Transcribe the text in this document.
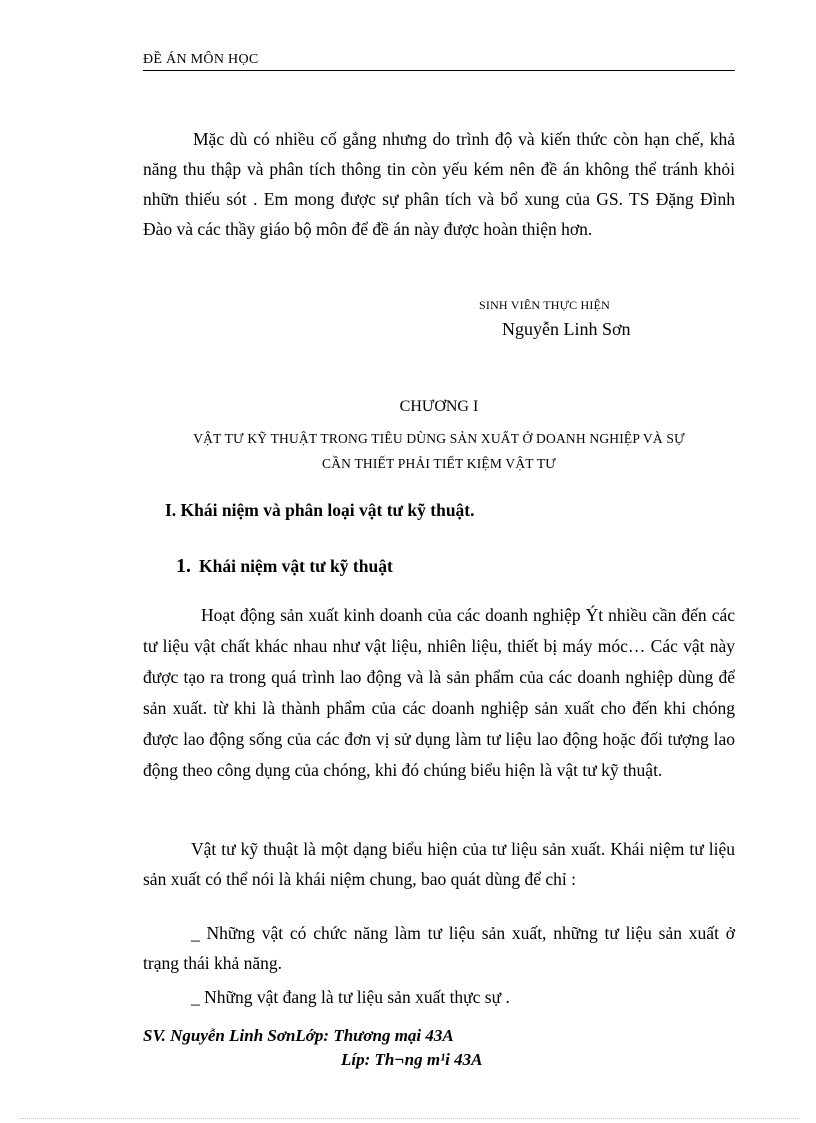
ĐỀ ÁN MÔN HỌC

Mặc dù có nhiều cố gắng nhưng do trình độ và kiến thức còn hạn chế, khả năng thu thập và phân tích thông tin còn yếu kém nên đề án không thể tránh khỏi nhữn thiếu sót . Em mong được sự phân tích và bổ xung của GS. TS Đặng Đình Đào và các thầy giáo bộ môn để đề án này được hoàn thiện hơn.

SINH VIÊN THỰC HIỆN
Nguyễn Linh Sơn
CHƯƠNG I
VẬT TƯ KỸ THUẬT TRONG TIÊU DÙNG SẢN XUẤT Ở DOANH NGHIỆP VÀ SỰ
CẦN THIẾT PHẢI TIẾT KIỆM VẬT TƯ
I. Khái niệm và phân loại vật tư kỹ thuật.
1. Khái niệm vật tư kỹ thuật

Hoạt động sản xuất kinh doanh của các doanh nghiệp Ýt nhiều cần đến các tư liệu vật chất khác nhau như vật liệu, nhiên liệu, thiết bị máy móc… Các vật này được tạo ra trong quá trình lao động và là sản phẩm của các doanh nghiệp dùng để sản xuất. từ khi là thành phẩm của các doanh nghiệp sản xuất cho đến khi chóng được lao động sống của các đơn vị sử dụng làm tư liệu lao động hoặc đối tượng lao động theo công dụng của chóng, khi đó chúng biểu hiện là vật tư kỹ thuật.

Vật tư kỹ thuật là một dạng biểu hiện của tư liệu sản xuất. Khái niệm tư liệu sản xuất có thể nói là khái niệm chung, bao quát dùng để chỉ :

_ Những vật có chức năng làm tư liệu sản xuất, những tư liệu sản xuất ở trạng thái khả năng.

_ Những vật đang là tư liệu sản xuất thực sự .

SV. Nguyễn Linh SơnLớp: Thương mại 43A
Líp: Th¬ng m¹i 43A
